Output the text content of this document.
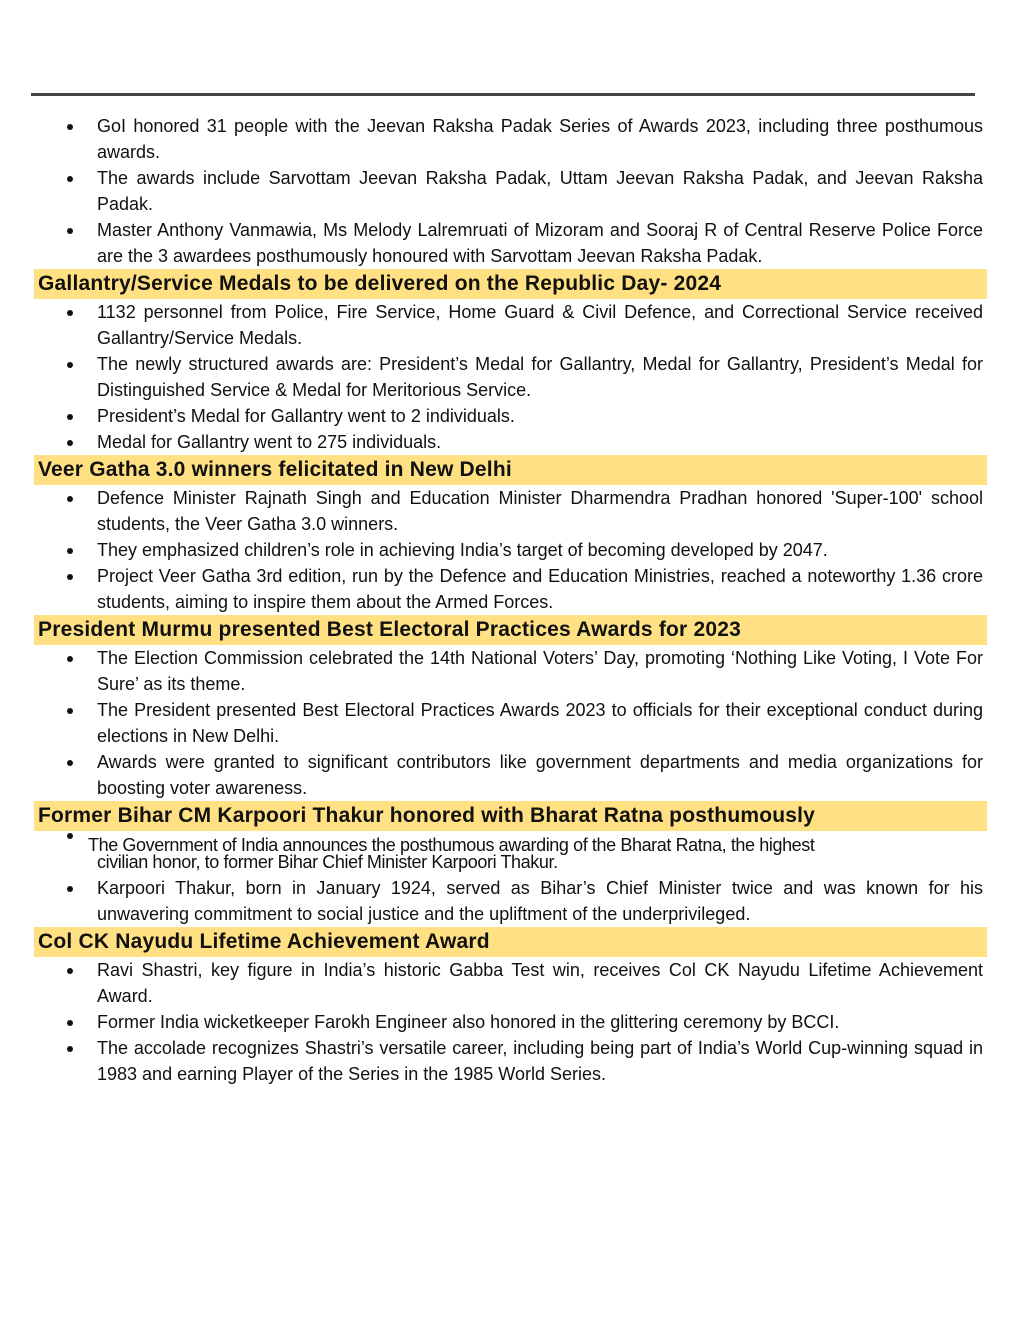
GoI honored 31 people with the Jeevan Raksha Padak Series of Awards 2023, including three posthumous awards.
The awards include Sarvottam Jeevan Raksha Padak, Uttam Jeevan Raksha Padak, and Jeevan Raksha Padak.
Master Anthony Vanmawia, Ms Melody Lalremruati of Mizoram and Sooraj R of Central Reserve Police Force are the 3 awardees posthumously honoured with Sarvottam Jeevan Raksha Padak.
Gallantry/Service Medals to be delivered on the Republic Day- 2024
1132 personnel from Police, Fire Service, Home Guard & Civil Defence, and Correctional Service received Gallantry/Service Medals.
The newly structured awards are: President’s Medal for Gallantry, Medal for Gallantry, President’s Medal for Distinguished Service & Medal for Meritorious Service.
President’s Medal for Gallantry went to 2 individuals.
Medal for Gallantry went to 275 individuals.
Veer Gatha 3.0 winners felicitated in New Delhi
Defence Minister Rajnath Singh and Education Minister Dharmendra Pradhan honored 'Super-100' school students, the Veer Gatha 3.0 winners.
They emphasized children’s role in achieving India’s target of becoming developed by 2047.
Project Veer Gatha 3rd edition, run by the Defence and Education Ministries, reached a noteworthy 1.36 crore students, aiming to inspire them about the Armed Forces.
President Murmu presented Best Electoral Practices Awards for 2023
The Election Commission celebrated the 14th National Voters’ Day, promoting ‘Nothing Like Voting, I Vote For Sure’ as its theme.
The President presented Best Electoral Practices Awards 2023 to officials for their exceptional conduct during elections in New Delhi.
Awards were granted to significant contributors like government departments and media organizations for boosting voter awareness.
Former Bihar CM Karpoori Thakur honored with Bharat Ratna posthumously
The Government of India announces the posthumous awarding of the Bharat Ratna, the highest
civilian honor, to former Bihar Chief Minister Karpoori Thakur.
Karpoori Thakur, born in January 1924, served as Bihar’s Chief Minister twice and was known for his unwavering commitment to social justice and the upliftment of the underprivileged.
Col CK Nayudu Lifetime Achievement Award
Ravi Shastri, key figure in India’s historic Gabba Test win, receives Col CK Nayudu Lifetime Achievement Award.
Former India wicketkeeper Farokh Engineer also honored in the glittering ceremony by BCCI.
The accolade recognizes Shastri’s versatile career, including being part of India’s World Cup-winning squad in 1983 and earning Player of the Series in the 1985 World Series.
